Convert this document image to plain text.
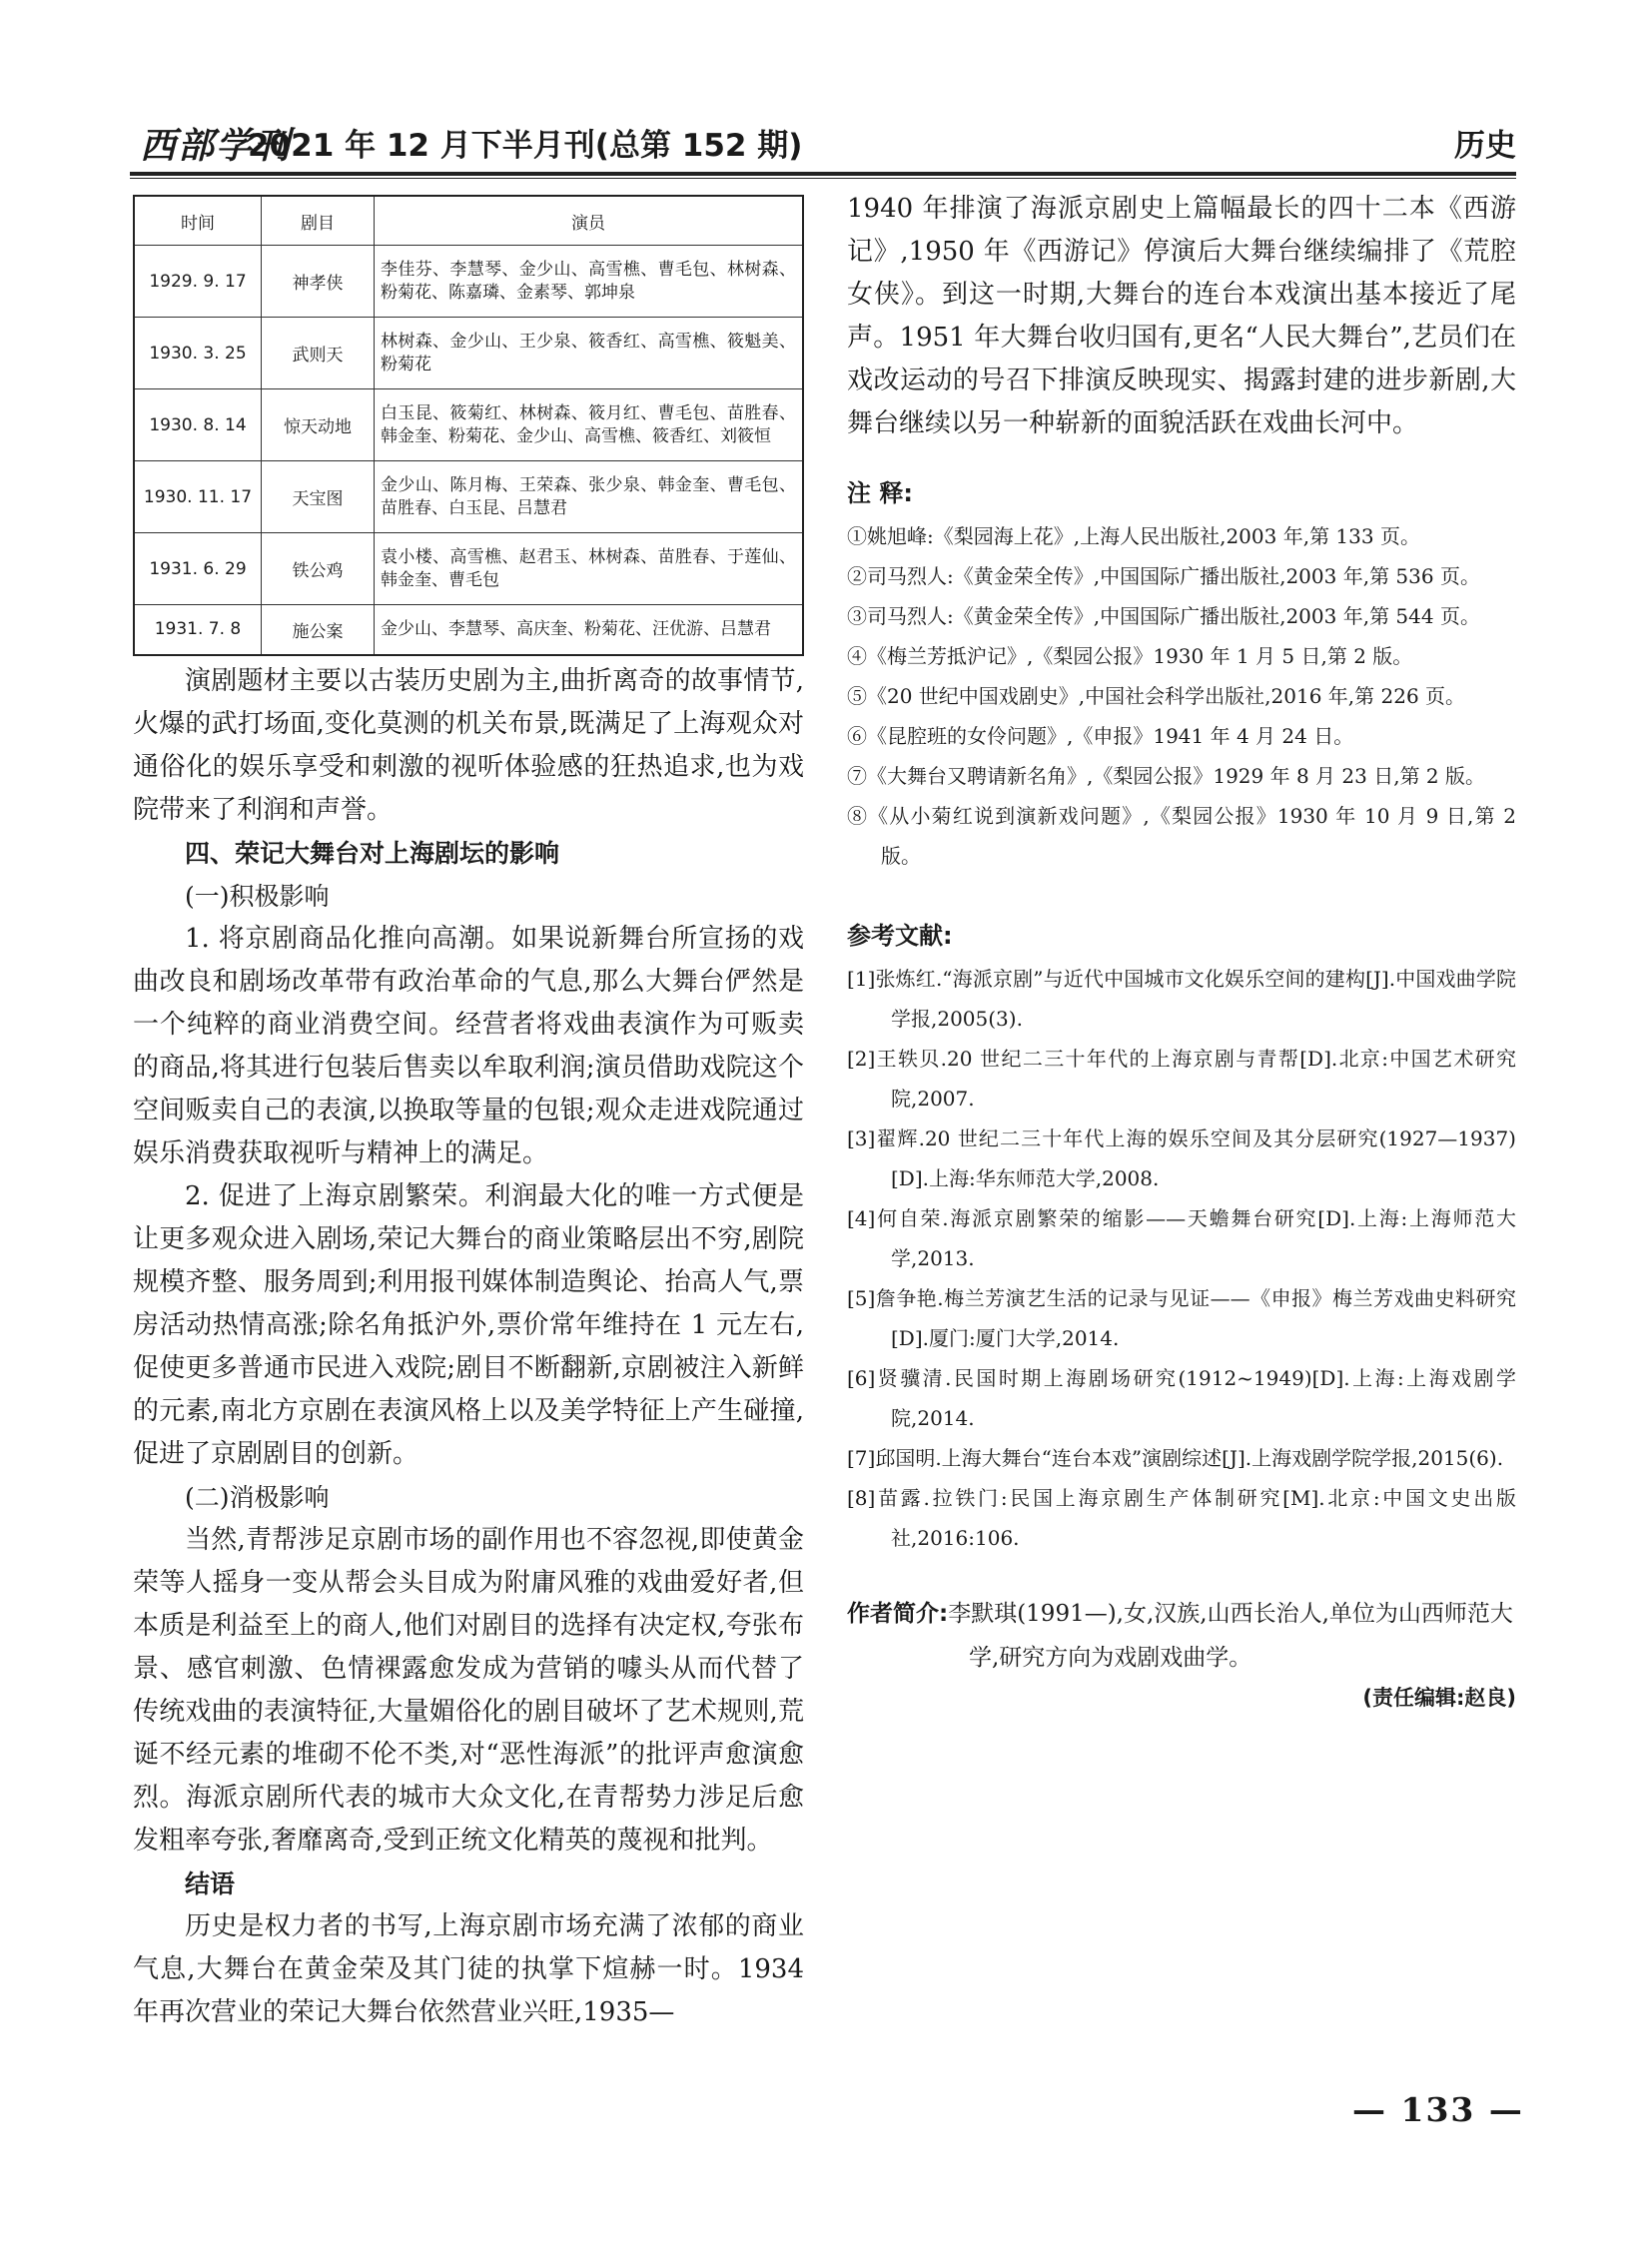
西部学刊
2021 年 12 月下半月刊(总第 152 期)	历史
时间	剧目	演员
1929. 9. 17	神孝侠	李佳芬、李慧琴、金少山、高雪樵、曹毛包、林树森、粉菊花、陈嘉璘、金素琴、郭坤泉
1930. 3. 25	武则天	林树森、金少山、王少泉、筱香红、高雪樵、筱魁美、粉菊花
1930. 8. 14	惊天动地	白玉昆、筱菊红、林树森、筱月红、曹毛包、苗胜春、韩金奎、粉菊花、金少山、高雪樵、筱香红、刘筱恒
1930. 11. 17	天宝图	金少山、陈月梅、王荣森、张少泉、韩金奎、曹毛包、苗胜春、白玉昆、吕慧君
1931. 6. 29	铁公鸡	袁小楼、高雪樵、赵君玉、林树森、苗胜春、于莲仙、韩金奎、曹毛包
1931. 7. 8	施公案	金少山、李慧琴、高庆奎、粉菊花、汪优游、吕慧君

演剧题材主要以古装历史剧为主,曲折离奇的故事情节,火爆的武打场面,变化莫测的机关布景,既满足了上海观众对通俗化的娱乐享受和刺激的视听体验感的狂热追求,也为戏院带来了利润和声誉。

四、荣记大舞台对上海剧坛的影响
(一)积极影响

1. 将京剧商品化推向高潮。如果说新舞台所宣扬的戏曲改良和剧场改革带有政治革命的气息,那么大舞台俨然是一个纯粹的商业消费空间。经营者将戏曲表演作为可贩卖的商品,将其进行包装后售卖以牟取利润;演员借助戏院这个空间贩卖自己的表演,以换取等量的包银;观众走进戏院通过娱乐消费获取视听与精神上的满足。

2. 促进了上海京剧繁荣。利润最大化的唯一方式便是让更多观众进入剧场,荣记大舞台的商业策略层出不穷,剧院规模齐整、服务周到;利用报刊媒体制造舆论、抬高人气,票房活动热情高涨;除名角抵沪外,票价常年维持在 1 元左右,促使更多普通市民进入戏院;剧目不断翻新,京剧被注入新鲜的元素,南北方京剧在表演风格上以及美学特征上产生碰撞,促进了京剧剧目的创新。

(二)消极影响

当然,青帮涉足京剧市场的副作用也不容忽视,即使黄金荣等人摇身一变从帮会头目成为附庸风雅的戏曲爱好者,但本质是利益至上的商人,他们对剧目的选择有决定权,夸张布景、感官刺激、色情裸露愈发成为营销的噱头从而代替了传统戏曲的表演特征,大量媚俗化的剧目破坏了艺术规则,荒诞不经元素的堆砌不伦不类,对“恶性海派”的批评声愈演愈烈。海派京剧所代表的城市大众文化,在青帮势力涉足后愈发粗率夸张,奢靡离奇,受到正统文化精英的蔑视和批判。

结语

历史是权力者的书写,上海京剧市场充满了浓郁的商业气息,大舞台在黄金荣及其门徒的执掌下煊赫一时。1934 年再次营业的荣记大舞台依然营业兴旺,1935—

1940 年排演了海派京剧史上篇幅最长的四十二本《西游记》,1950 年《西游记》停演后大舞台继续编排了《荒腔女侠》。到这一时期,大舞台的连台本戏演出基本接近了尾声。1951 年大舞台收归国有,更名“人民大舞台”,艺员们在戏改运动的号召下排演反映现实、揭露封建的进步新剧,大舞台继续以另一种崭新的面貌活跃在戏曲长河中。

注 释:
①姚旭峰:《梨园海上花》,上海人民出版社,2003 年,第 133 页。
②司马烈人:《黄金荣全传》,中国国际广播出版社,2003 年,第 536 页。
③司马烈人:《黄金荣全传》,中国国际广播出版社,2003 年,第 544 页。
④《梅兰芳抵沪记》,《梨园公报》1930 年 1 月 5 日,第 2 版。
⑤《20 世纪中国戏剧史》,中国社会科学出版社,2016 年,第 226 页。
⑥《昆腔班的女伶问题》,《申报》1941 年 4 月 24 日。
⑦《大舞台又聘请新名角》,《梨园公报》1929 年 8 月 23 日,第 2 版。
⑧《从小菊红说到演新戏问题》,《梨园公报》1930 年 10 月 9 日,第 2 版。
参考文献:
[1]张炼红.“海派京剧”与近代中国城市文化娱乐空间的建构[J].中国戏曲学院学报,2005(3).
[2]王轶贝.20 世纪二三十年代的上海京剧与青帮[D].北京:中国艺术研究院,2007.
[3]翟辉.20 世纪二三十年代上海的娱乐空间及其分层研究(1927—1937)[D].上海:华东师范大学,2008.
[4]何自荣.海派京剧繁荣的缩影——天蟾舞台研究[D].上海:上海师范大学,2013.
[5]詹争艳.梅兰芳演艺生活的记录与见证——《申报》梅兰芳戏曲史料研究[D].厦门:厦门大学,2014.
[6]贤骥清.民国时期上海剧场研究(1912~1949)[D].上海:上海戏剧学院,2014.
[7]邱国明.上海大舞台“连台本戏”演剧综述[J].上海戏剧学院学报,2015(6).
[8]苗露.拉铁门:民国上海京剧生产体制研究[M].北京:中国文史出版社,2016:106.
作者简介:李默琪(1991—),女,汉族,山西长治人,单位为山西师范大学,研究方向为戏剧戏曲学。
(责任编辑:赵良)
— 133 —
